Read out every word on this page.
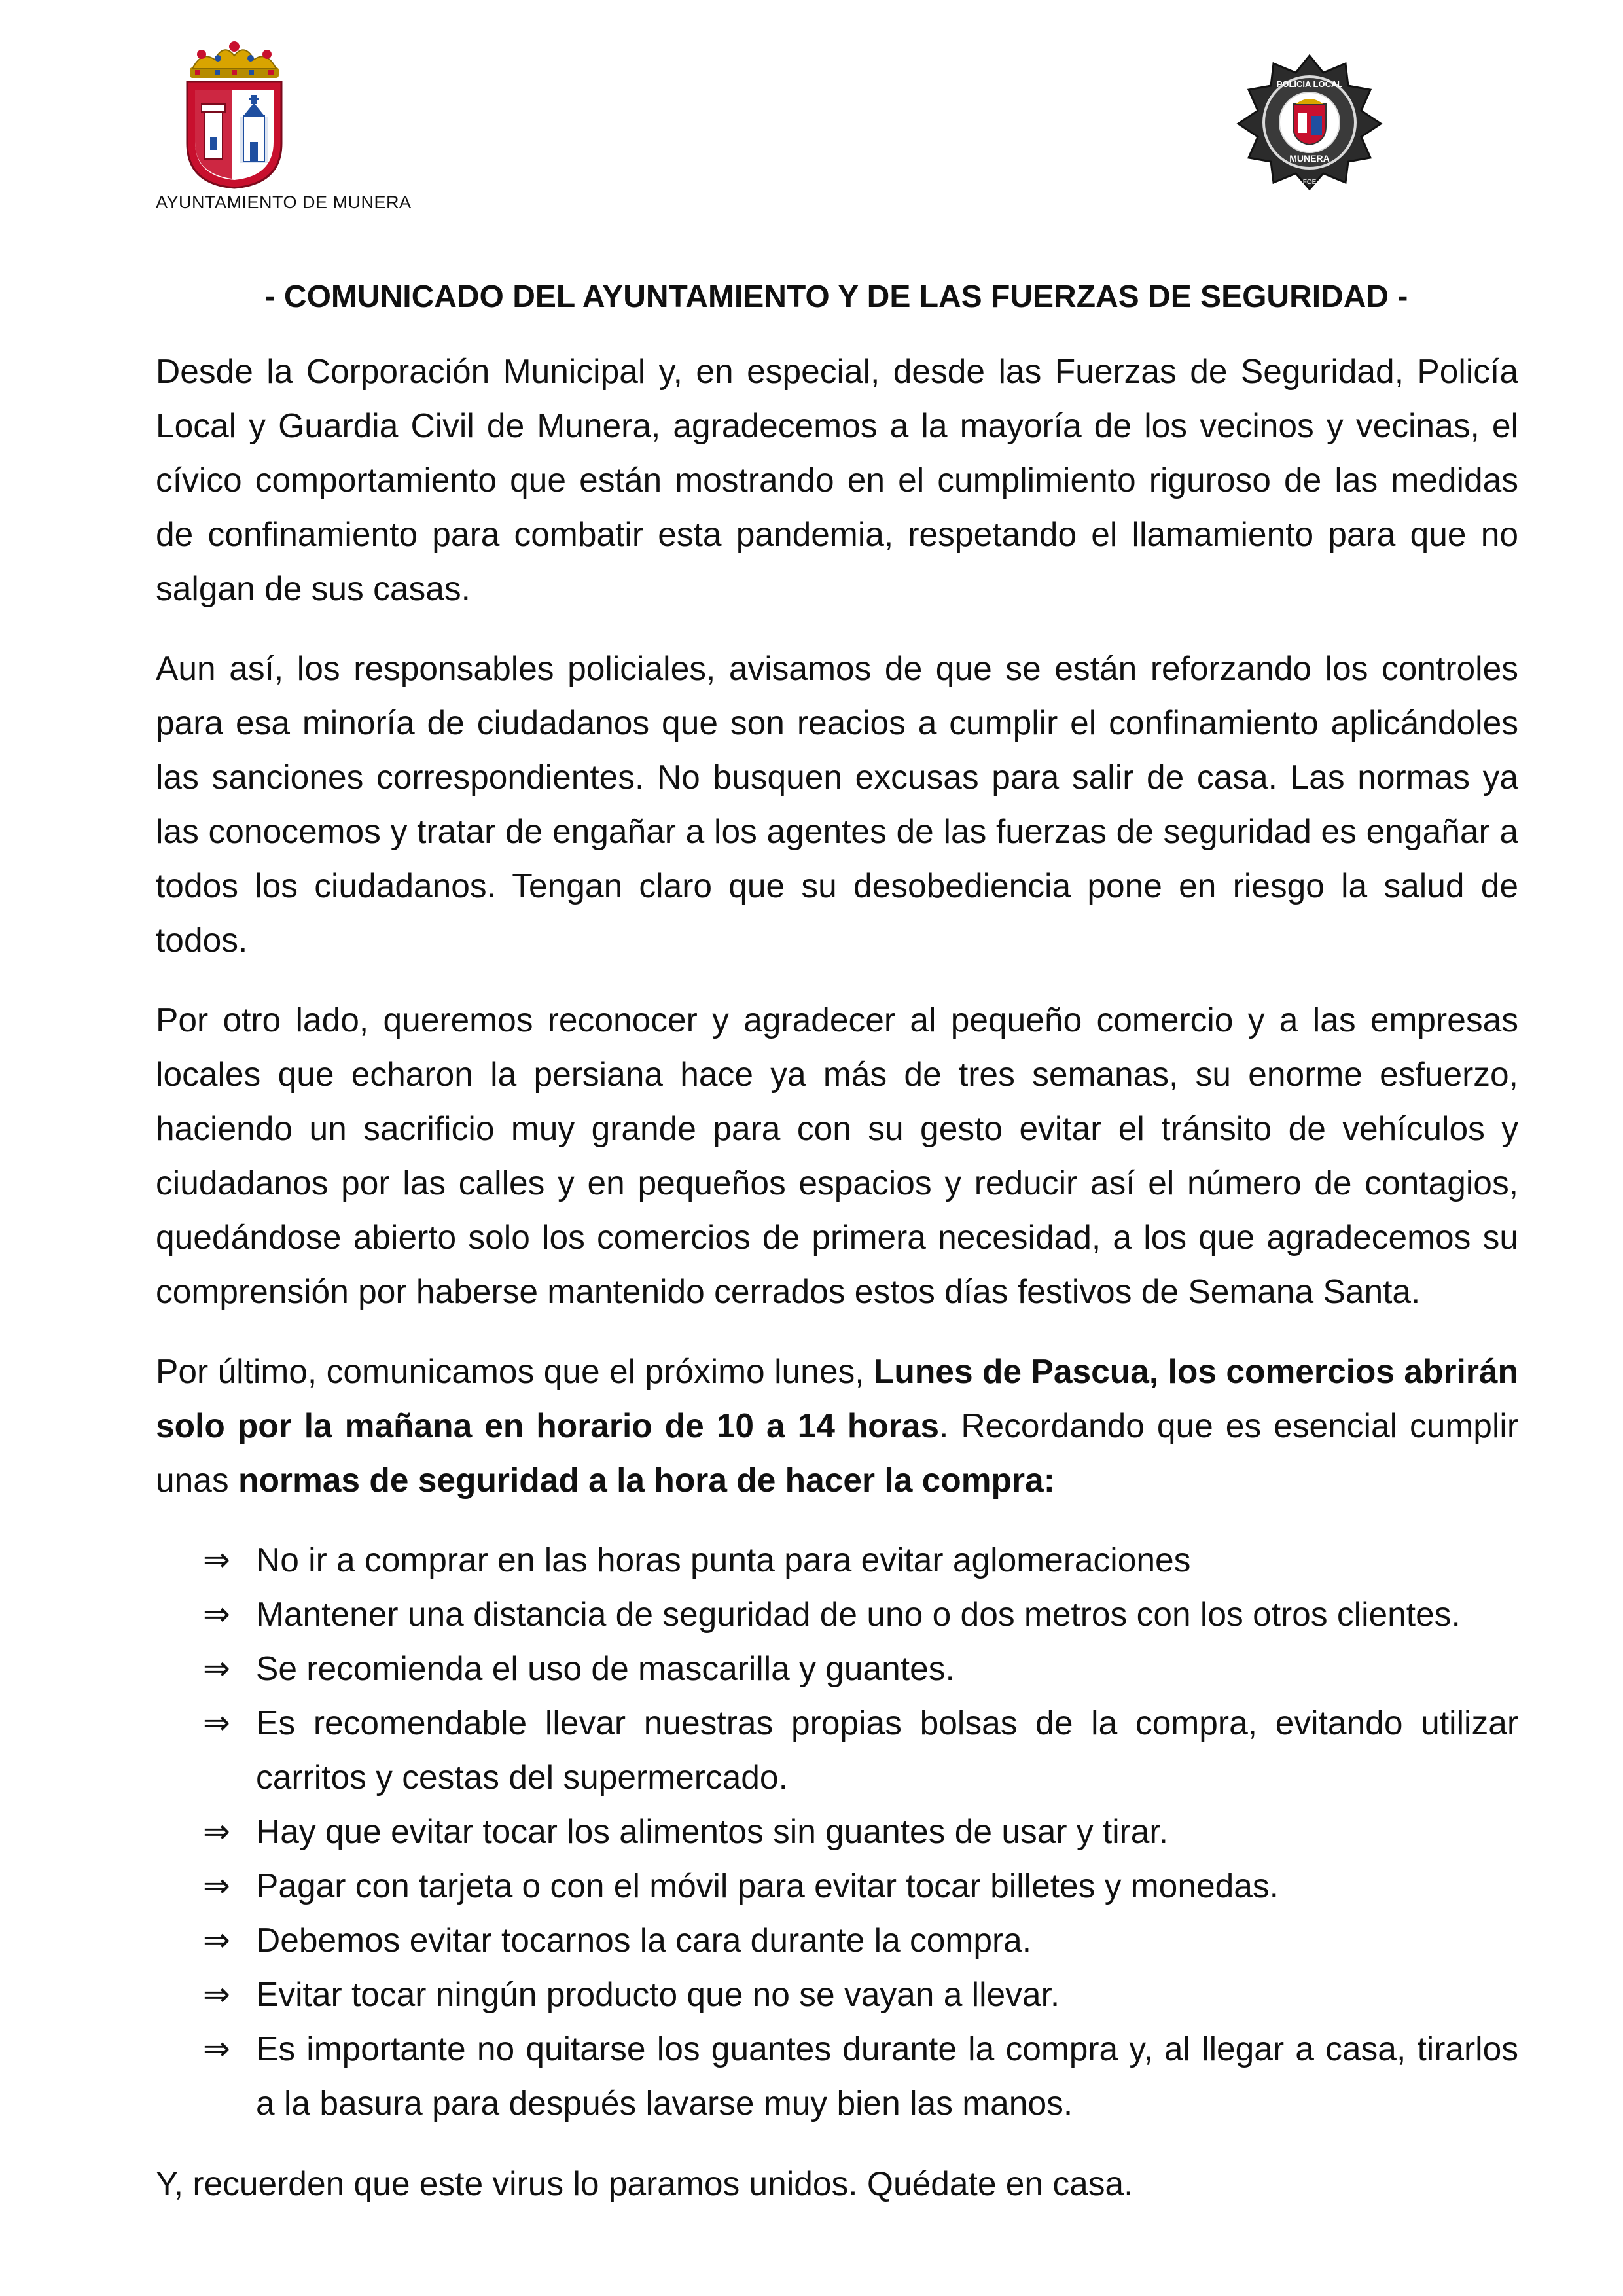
AYUNTAMIENTO DE MUNERA
POLICIA LOCAL
MUNERA
FOE
- COMUNICADO DEL AYUNTAMIENTO Y DE LAS FUERZAS DE SEGURIDAD -

Desde la Corporación Municipal y, en especial, desde las Fuerzas de Seguridad, Policía Local y Guardia Civil de Munera, agradecemos a la mayoría de los vecinos y vecinas, el cívico comportamiento que están mostrando en el cumplimiento riguroso de las medidas de confinamiento para combatir esta pandemia, respetando el llamamiento para que no salgan de sus casas.

Aun así, los responsables policiales, avisamos de que se están reforzando los controles para esa minoría de ciudadanos que son reacios a cumplir el confinamiento aplicándoles las sanciones correspondientes. No busquen excusas para salir de casa. Las normas ya las conocemos y tratar de engañar a los agentes de las fuerzas de seguridad es engañar a todos los ciudadanos. Tengan claro que su desobediencia pone en riesgo la salud de todos.

Por otro lado, queremos reconocer y agradecer al pequeño comercio y a las empresas locales que echaron la persiana hace ya más de tres semanas, su enorme esfuerzo, haciendo un sacrificio muy grande para con su gesto evitar el tránsito de vehículos y ciudadanos por las calles y en pequeños espacios y reducir así el número de contagios, quedándose abierto solo los comercios de primera necesidad, a los que agradecemos su comprensión por haberse mantenido cerrados estos días festivos de Semana Santa.

Por último, comunicamos que el próximo lunes, Lunes de Pascua, los comercios abrirán solo por la mañana en horario de 10 a 14 horas. Recordando que es esencial cumplir unas normas de seguridad a la hora de hacer la compra:

⇒ No ir a comprar en las horas punta para evitar aglomeraciones
⇒ Mantener una distancia de seguridad de uno o dos metros con los otros clientes.
⇒ Se recomienda el uso de mascarilla y guantes.
⇒ Es recomendable llevar nuestras propias bolsas de la compra, evitando utilizar carritos y cestas del supermercado.
⇒ Hay que evitar tocar los alimentos sin guantes de usar y tirar.
⇒ Pagar con tarjeta o con el móvil para evitar tocar billetes y monedas.
⇒ Debemos evitar tocarnos la cara durante la compra.
⇒ Evitar tocar ningún producto que no se vayan a llevar.
⇒ Es importante no quitarse los guantes durante la compra y, al llegar a casa, tirarlos a la basura para después lavarse muy bien las manos.

Y, recuerden que este virus lo paramos unidos. Quédate en casa.
